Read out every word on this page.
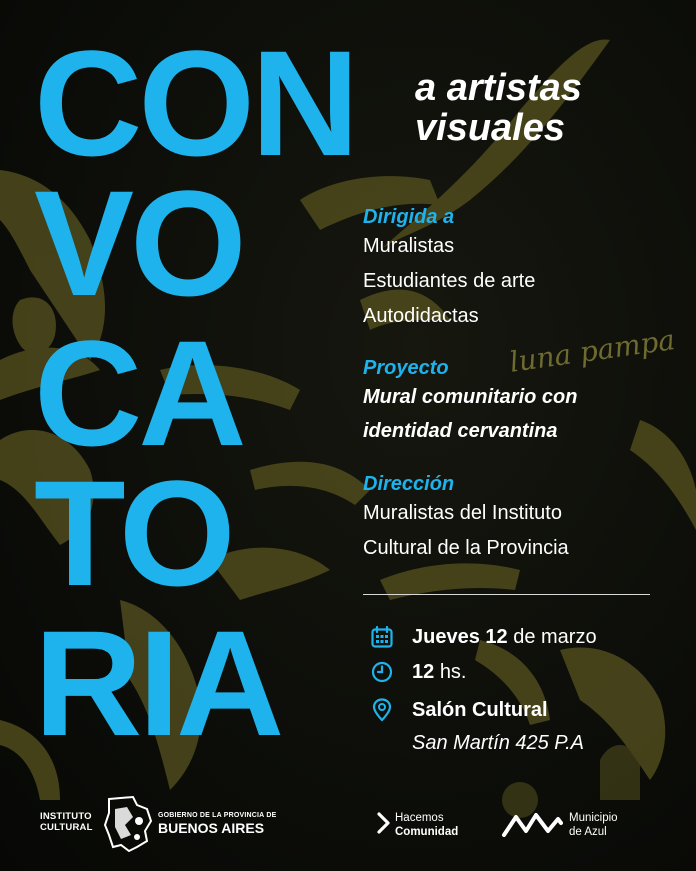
luna pampa
CON
VO
CA
TO
RIA
a artistas
visuales
Dirigida a
Muralistas
Estudiantes de arte
Autodidactas
Proyecto
Mural comunitario con
identidad cervantina
Dirección
Muralistas del Instituto
Cultural de la Provincia
Jueves 12
de marzo
12
hs.
Salón Cultural
San Martín 425 P.A
INSTITUTO
CULTURAL
GOBIERNO DE LA PROVINCIA DE
BUENOS AIRES
Hacemos
Comunidad
Municipio
de Azul
